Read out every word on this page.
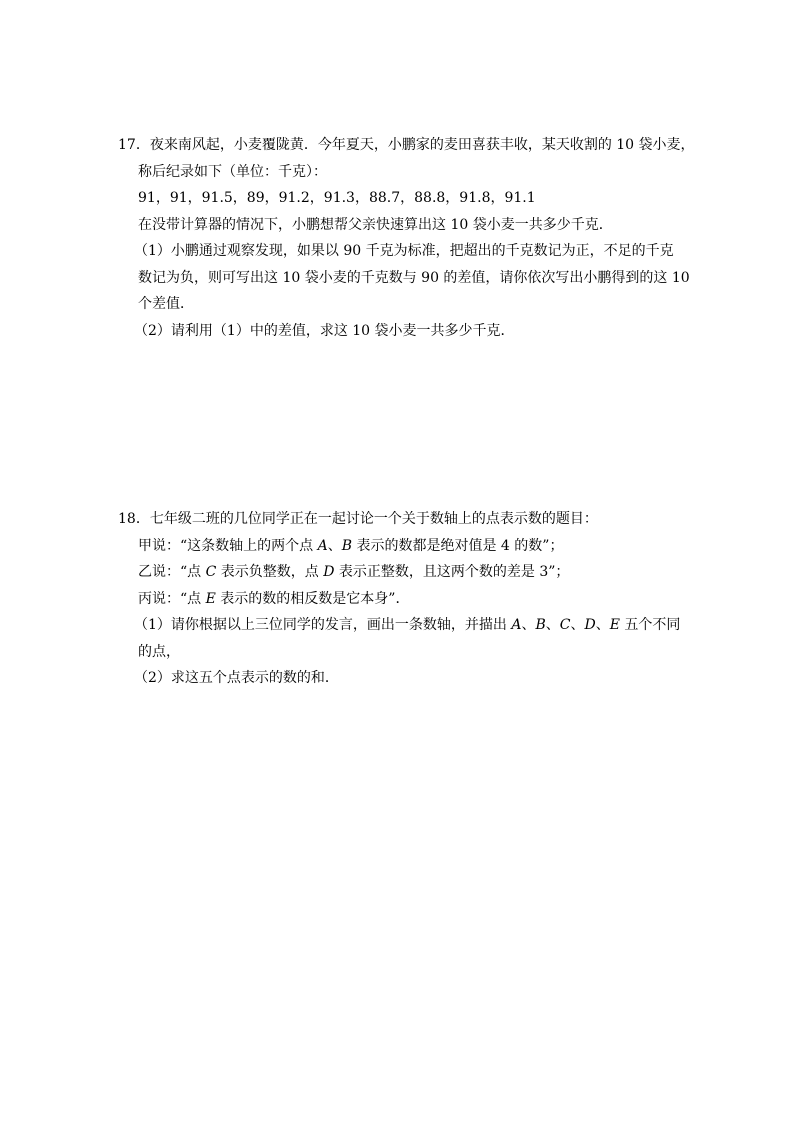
17．夜来南风起，小麦覆陇黄．今年夏天，小鹏家的麦田喜获丰收，某天收割的 10 袋小麦，
称后纪录如下（单位：千克）：
91，91，91.5，89，91.2，91.3，88.7，88.8，91.8，91.1
在没带计算器的情况下，小鹏想帮父亲快速算出这 10 袋小麦一共多少千克．
（1）小鹏通过观察发现，如果以 90 千克为标准，把超出的千克数记为正，不足的千克
数记为负，则可写出这 10 袋小麦的千克数与 90 的差值，请你依次写出小鹏得到的这 10
个差值．
（2）请利用（1）中的差值，求这 10 袋小麦一共多少千克．
18．七年级二班的几位同学正在一起讨论一个关于数轴上的点表示数的题目：
甲说：“这条数轴上的两个点 A、B 表示的数都是绝对值是 4 的数”；
乙说：“点 C 表示负整数，点 D 表示正整数，且这两个数的差是 3”；
丙说：“点 E 表示的数的相反数是它本身”．
（1）请你根据以上三位同学的发言，画出一条数轴，并描出 A、B、C、D、E 五个不同
的点，
（2）求这五个点表示的数的和．
